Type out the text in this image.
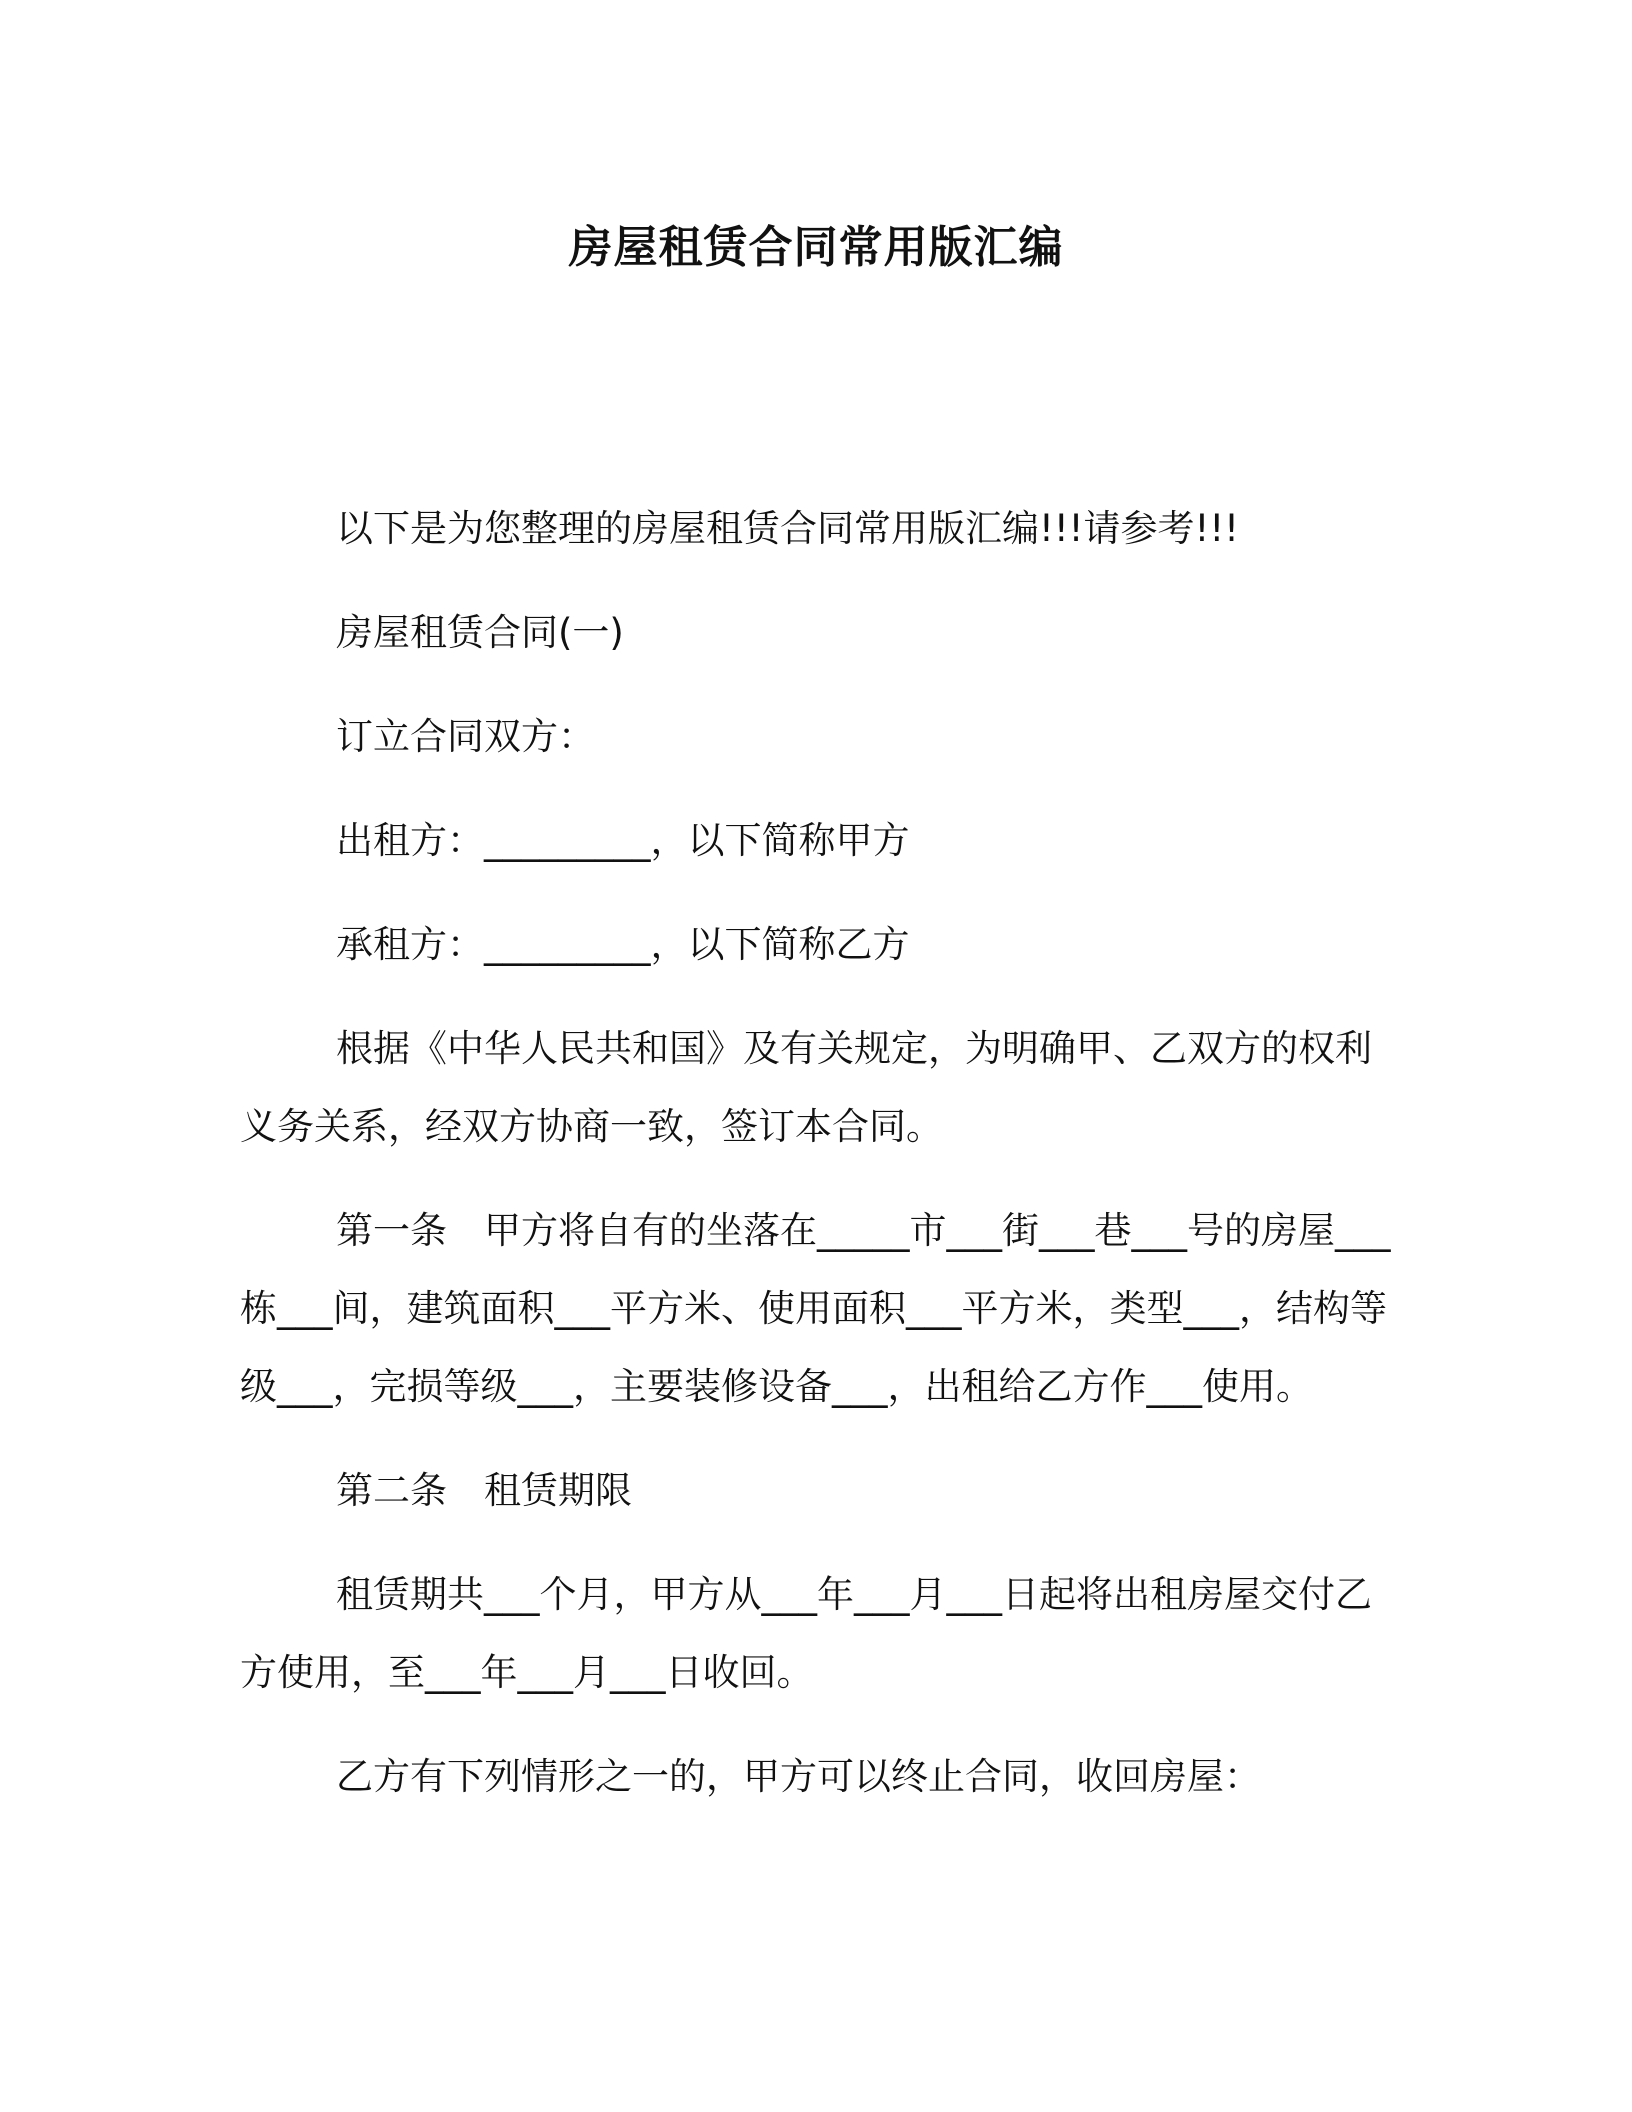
房屋租赁合同常用版汇编

以下是为您整理的房屋租赁合同常用版汇编!!!请参考!!!

房屋租赁合同(一)

订立合同双方：

出租方：_________，以下简称甲方

承租方：_________，以下简称乙方

根据《中华人民共和国》及有关规定，为明确甲、乙双方的权利义务关系，经双方协商一致，签订本合同。

第一条　甲方将自有的坐落在_____市___街___巷___号的房屋___栋___间，建筑面积___平方米、使用面积___平方米，类型___，结构等级___，完损等级___，主要装修设备___，出租给乙方作___使用。

第二条　租赁期限

租赁期共___个月，甲方从___年___月___日起将出租房屋交付乙方使用，至___年___月___日收回。

乙方有下列情形之一的，甲方可以终止合同，收回房屋：
